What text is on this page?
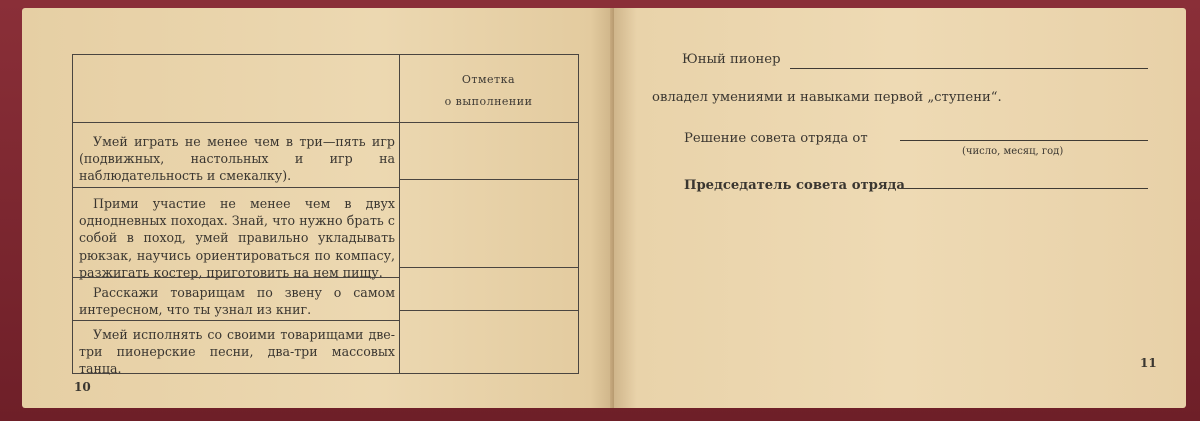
Отметка
о выполнении
Умей играть не менее чем в три—пять игр (подвижных, настольных и игр на наблюдательность и смекалку).
Прими участие не менее чем в двух однодневных походах. Знай, что нужно брать с собой в поход, умей правильно укладывать рюкзак, научись ориентироваться по компасу, разжигать костер, приготовить на нем пищу.
Расскажи товарищам по звену о самом интересном, что ты узнал из книг.
Умей исполнять со своими товарищами две-три пионерские песни, два-три массовых танца.
10
Юный пионер
овладел умениями и навыками первой „ступени“.
Решение совета отряда от
(число, месяц, год)
Председатель совета отряда
11
